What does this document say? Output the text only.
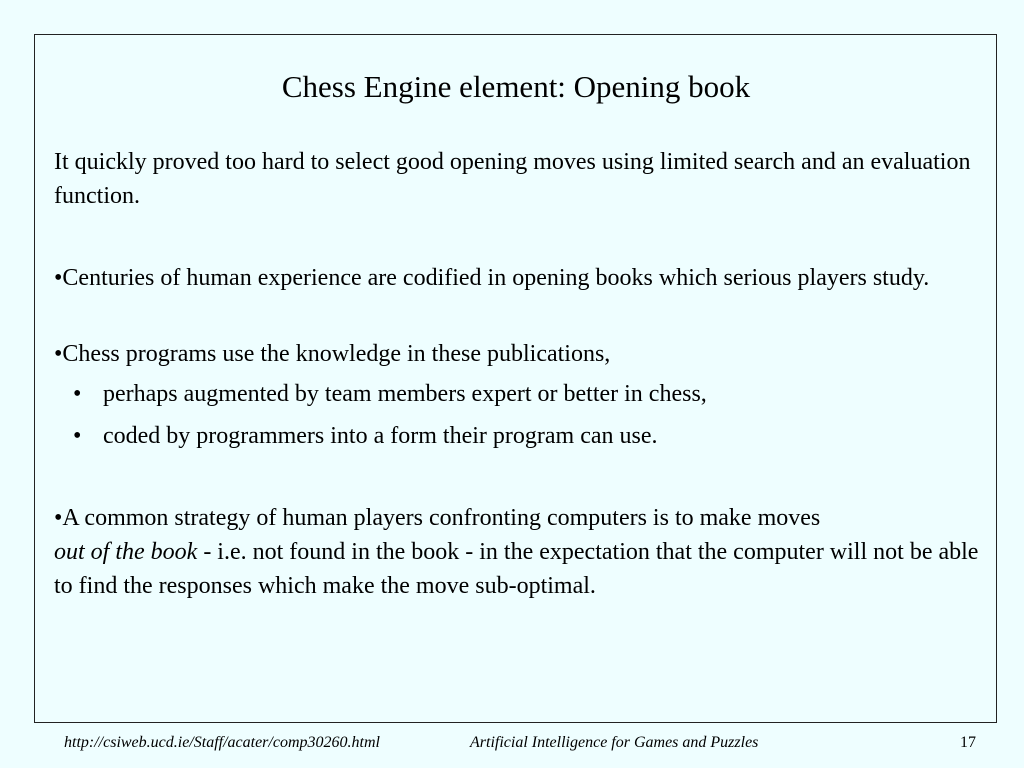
Chess Engine element: Opening book
It quickly proved too hard to select good opening moves using limited search and an evaluation function.
•Centuries of human experience are codified in opening books which serious players study.
•Chess programs use the knowledge in these publications,
• perhaps augmented by team members expert or better in chess,
• coded by programmers into a form their program can use.
•A common strategy of human players confronting computers is to make moves
out of the book - i.e. not found in the book - in the expectation that the computer will not be able to find the responses which make the move sub-optimal.
http://csiweb.ucd.ie/Staff/acater/comp30260.html	Artificial Intelligence for Games and Puzzles	17
